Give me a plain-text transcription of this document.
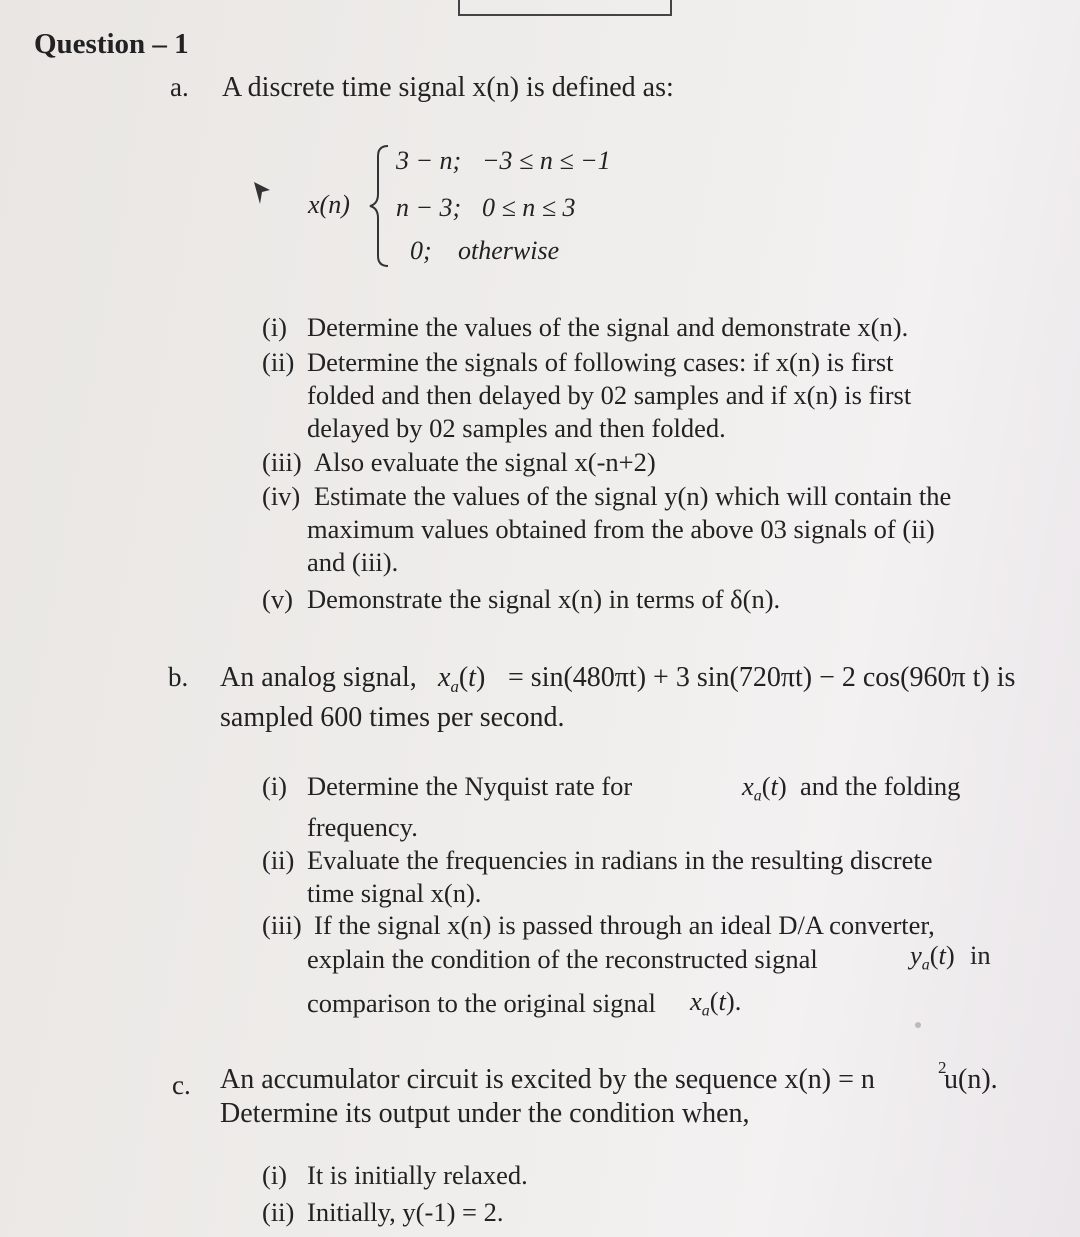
Question – 1
a. A discrete time signal x(n) is defined as:
x(n)
3 − n; −3 ≤ n ≤ −1
n − 3; 0 ≤ n ≤ 3
0; otherwise
(i) Determine the values of the signal and demonstrate x(n).
(ii) Determine the signals of following cases: if x(n) is first
folded and then delayed by 02 samples and if x(n) is first
delayed by 02 samples and then folded.
(iii) Also evaluate the signal x(-n+2)
(iv) Estimate the values of the signal y(n) which will contain the
maximum values obtained from the above 03 signals of (ii)
and (iii).
(v) Demonstrate the signal x(n) in terms of δ(n).
b. An analog signal, $x_a(t) = \sin(480\pi t) + 3$ sin(720πt) − 2 cos(960π t) is
sampled 600 times per second.
(i) Determine the Nyquist rate for	$x_a(t)$ and the folding
frequency.
(ii) Evaluate the frequencies in radians in the resulting discrete
time signal x(n).
(iii) If the signal x(n) is passed through an ideal D/A converter,
explain the condition of the reconstructed signal	$y_a(t)$ in
comparison to the original signal $x_a(t)$.
c. An accumulator circuit is excited by the sequence x(n) = n	2
u(n).
Determine its output under the condition when,
(i) It is initially relaxed.
(ii) Initially, y(-1) = 2.
